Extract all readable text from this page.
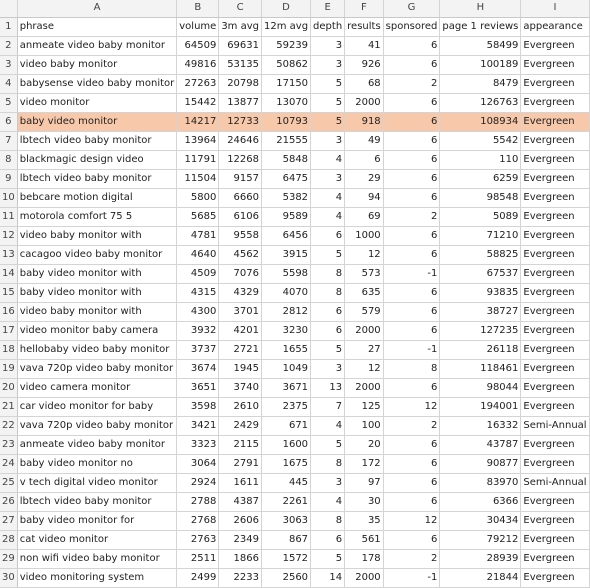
	A	B	C	D	E	F	G	H	I
1	phrase	volume	3m avg	12m avg	depth	results	sponsored	page 1 reviews	appearance
2	anmeate video baby monitor	64509	69631	59239	3	41	6	58499	Evergreen
3	video baby monitor	49816	53135	50862	3	926	6	100189	Evergreen
4	babysense video baby monitor	27263	20798	17150	5	68	2	8479	Evergreen
5	video monitor	15442	13877	13070	5	2000	6	126763	Evergreen
6	baby video monitor	14217	12733	10793	5	918	6	108934	Evergreen
7	lbtech video baby monitor	13964	24646	21555	3	49	6	5542	Evergreen
8	blackmagic design video	11791	12268	5848	4	6	6	110	Evergreen
9	lbtech video baby monitor	11504	9157	6475	3	29	6	6259	Evergreen
10	bebcare motion digital	5800	6660	5382	4	94	6	98548	Evergreen
11	motorola comfort 75 5	5685	6106	9589	4	69	2	5089	Evergreen
12	video baby monitor with	4781	9558	6456	6	1000	6	71210	Evergreen
13	cacagoo video baby monitor	4640	4562	3915	5	12	6	58825	Evergreen
14	baby video monitor with	4509	7076	5598	8	573	-1	67537	Evergreen
15	baby video monitor with	4315	4329	4070	8	635	6	93835	Evergreen
16	video baby monitor with	4300	3701	2812	6	579	6	38727	Evergreen
17	video monitor baby camera	3932	4201	3230	6	2000	6	127235	Evergreen
18	hellobaby video baby monitor	3737	2721	1655	5	27	-1	26118	Evergreen
19	vava 720p video baby monitor	3674	1945	1049	3	12	8	118461	Evergreen
20	video camera monitor	3651	3740	3671	13	2000	6	98044	Evergreen
21	car video monitor for baby	3598	2610	2375	7	125	12	194001	Evergreen
22	vava 720p video baby monitor	3421	2429	671	4	100	2	16332	Semi-Annual
23	anmeate video baby monitor	3323	2115	1600	5	20	6	43787	Evergreen
24	baby video monitor no	3064	2791	1675	8	172	6	90877	Evergreen
25	v tech digital video monitor	2924	1611	445	3	97	6	83970	Semi-Annual
26	lbtech video baby monitor	2788	4387	2261	4	30	6	6366	Evergreen
27	baby video monitor for	2768	2606	3063	8	35	12	30434	Evergreen
28	cat video monitor	2763	2349	867	6	561	6	79212	Evergreen
29	non wifi video baby monitor	2511	1866	1572	5	178	2	28939	Evergreen
30	video monitoring system	2499	2233	2560	14	2000	-1	21844	Evergreen
